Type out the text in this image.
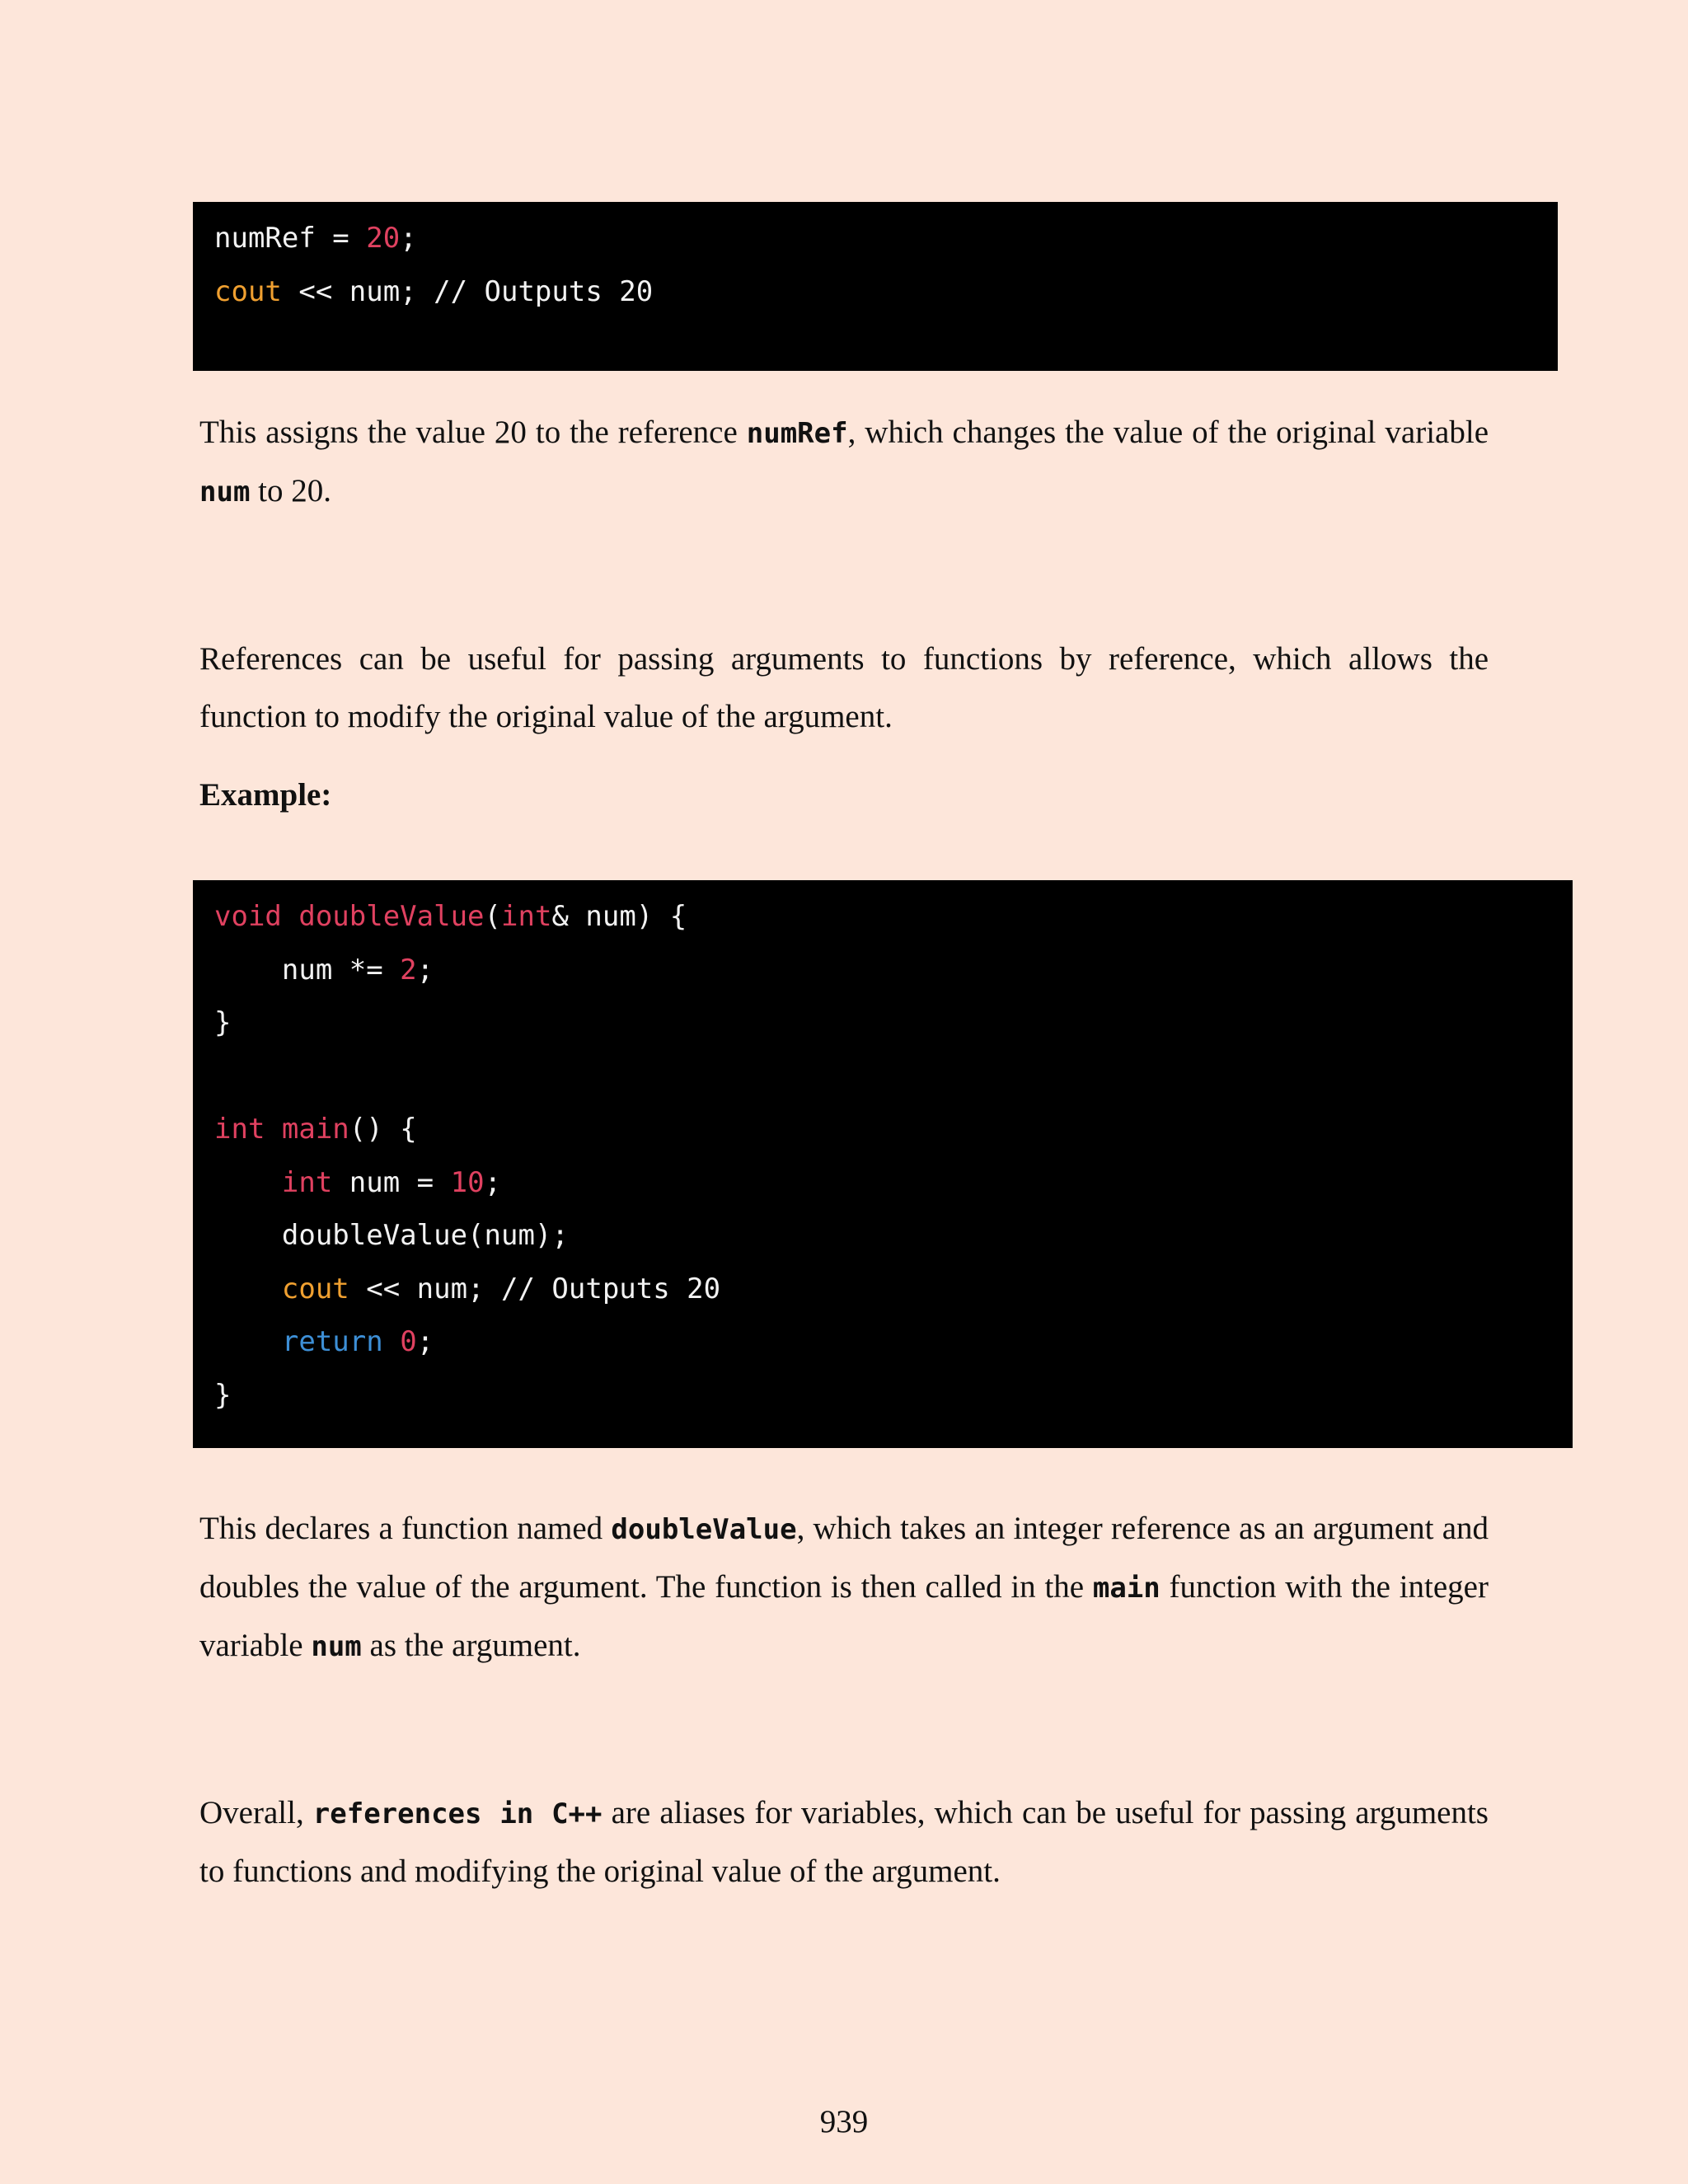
numRef = 20;
cout << num; // Outputs 20

This assigns the value 20 to the reference numRef, which changes the value of the original variable num to 20.

References can be useful for passing arguments to functions by reference, which allows the function to modify the original value of the argument.

Example:

void doubleValue(int& num) {
num *= 2;
}
int main() {
int num = 10;
doubleValue(num);
cout << num; // Outputs 20
return 0;
}

This declares a function named doubleValue, which takes an integer reference as an argument and doubles the value of the argument. The function is then called in the main function with the integer variable num as the argument.

Overall, references in C++ are aliases for variables, which can be useful for passing arguments to functions and modifying the original value of the argument.

939
